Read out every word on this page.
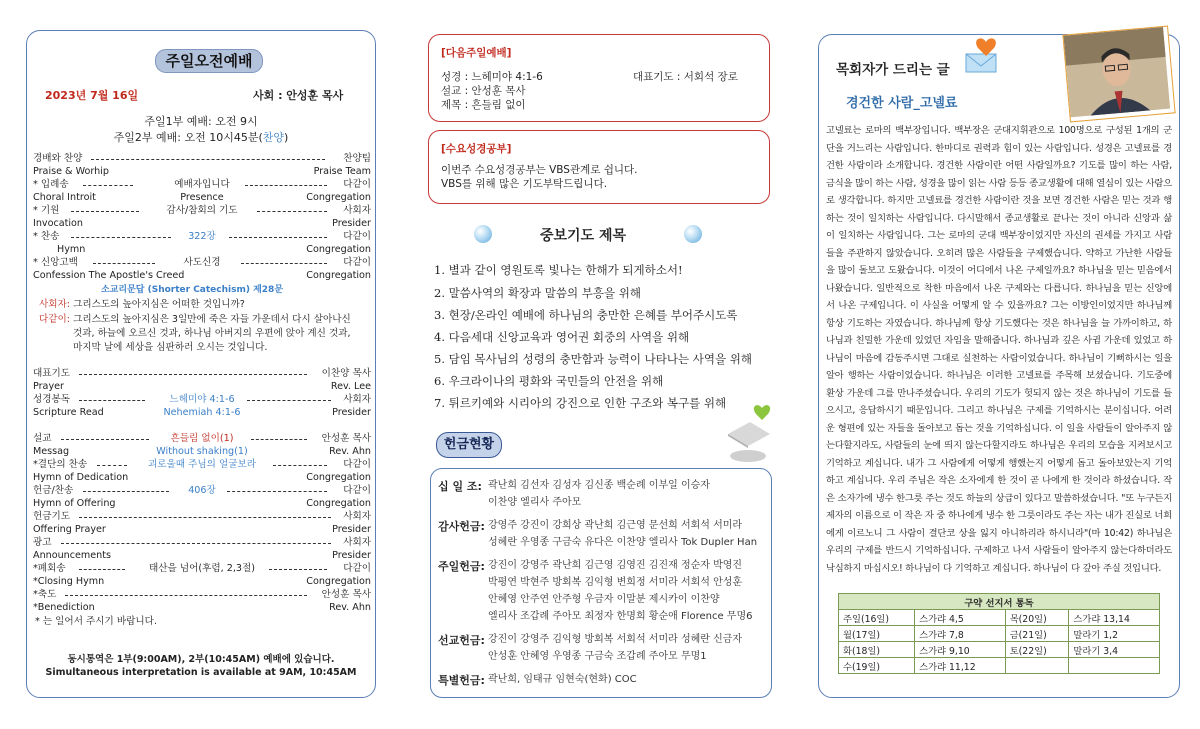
주일오전예배
2023년 7월 16일	사회 : 안성훈 목사
주일1부 예배: 오전 9시
주일2부 예배: 오전 10시45분(찬양)
경배와 찬양	찬양팀
Praise & Worhip	Praise Team
* 입례송	예배자입니다	다같이
Choral Introit	Presence	Congregation
* 기원	감사/참회의 기도	사회자
Invocation	Presider
* 찬송	322장	다같이
Hymn	Congregation
* 신앙고백	사도신경	다같이
Confession The Apostle's Creed	Congregation
소교리문답 (Shorter Catechism) 제28문
사회자: 그리스도의 높아지심은 어떠한 것입니까?
다같이: 그리스도의 높아지심은 3일만에 죽은 자들 가운데서 다시 살아나신
것과, 하늘에 오르신 것과, 하나님 아버지의 우편에 앉아 계신 것과,
마지막 날에 세상을 심판하러 오시는 것입니다.
대표기도	이찬양 목사
Prayer	Rev. Lee
성경봉독	느헤미야 4:1-6	사회자
Scripture Read	Nehemiah 4:1-6	Presider
설교	흔들림 없이(1)	안성훈 목사
Messag	Without shaking(1)	Rev. Ahn
*결단의 찬송	괴로울때 주님의 얼굴보라	다같이
Hymn of Dedication	Congregation
헌금/찬송	406장	다같이
Hymn of Offering	Congregation
헌금기도	사회자
Offering Prayer	Presider
광고	사회자
Announcements	Presider
*폐회송	태산을 넘어(후렴, 2,3절)	다같이
*Closing Hymn	Congregation
*축도	안성훈 목사
*Benediction	Rev. Ahn
* 는 일어서 주시기 바랍니다.
동시통역은 1부(9:00AM), 2부(10:45AM) 예배에 있습니다.
Simultaneous interpretation is available at 9AM, 10:45AM
[다음주일예배]
성경 : 느헤미야 4:1-6	대표기도 : 서회석 장로
설교 : 안성훈 목사
제목 : 흔들림 없이
[수요성경공부]
이번주 수요성경공부는 VBS관계로 쉽니다.
VBS를 위해 많은 기도부탁드립니다.
중보기도 제목
1. 별과 같이 영원토록 빛나는 한해가 되게하소서!
2. 말씀사역의 확장과 말씀의 부흥을 위해
3. 현장/온라인 예배에 하나님의 충만한 은혜를 부어주시도록
4. 다음세대 신앙교육과 영어권 회중의 사역을 위해
5. 담임 목사님의 성령의 충만함과 능력이 나타나는 사역을 위해
6. 우크라이나의 평화와 국민들의 안전을 위해
7. 튀르키예와 시리아의 강진으로 인한 구조와 복구를 위해
헌금현황
십 일 조: 곽난희 김선자 김성자 김신종 백순례 이부일 이승자
이찬양 엘리사 주아모
감사헌금: 강영주 강진이 강희상 곽난희 김근영 문선희 서회석 서미라
성혜란 우영종 구금숙 유다은 이찬양 엘리사 Tok Dupler Han
주일헌금: 강진이 강영주 곽난희 김근영 김영진 김진재 정순자 박영진
박평연 박현주 방회복 김익형 변희정 서미라 서회석 안성훈
안혜영 안주연 안주형 우금자 이말분 제시카이 이찬양
엘리사 조갑례 주아모 최정자 한명희 황순애 Florence 무명6
선교헌금: 강진이 강영주 김익형 방회복 서회석 서미라 성혜란 신금자
안성훈 안혜영 우영종 구금숙 조갑례 주아모 무명1
특별헌금: 곽난희, 임태규 임현숙(현화) COC
목회자가 드리는 글
경건한 사람_고넬료
고넬료는 로마의 백부장입니다. 백부장은 군대지휘관으로 100명으로 구성된 1개의 군단을 거느리는 사람입니다. 한마디로 권력과 힘이 있는 사람입니다. 성경은 고넬료를 경건한 사람이라 소개합니다. 경건한 사람이란 어떤 사람일까요? 기도를 많이 하는 사람, 금식을 많이 하는 사람, 성경을 많이 읽는 사람 등등 종교생활에 대해 열심이 있는 사람으로 생각합니다. 하지만 고넬료를 경건한 사람이란 것을 보면 경건한 사람은 믿는 것과 행하는 것이 일치하는 사람입니다. 다시말해서 종교생활로 끝나는 것이 아니라 신앙과 삶이 일치하는 사람입니다. 그는 로마의 군대 백부장이었지만 자신의 권세를 가지고 사람들을 주관하지 않았습니다. 오히려 많은 사람들을 구제했습니다. 약하고 가난한 사람들을 많이 돌보고 도왔습니다. 이것이 어디에서 나온 구제일까요? 하나님을 믿는 믿음에서 나왔습니다. 일반적으로 착한 마음에서 나온 구제와는 다릅니다. 하나님을 믿는 신앙에서 나온 구제입니다. 이 사실을 어떻게 알 수 있을까요? 그는 이방인이었지만 하나님께 항상 기도하는 자였습니다. 하나님께 항상 기도했다는 것은 하나님을 늘 가까이하고, 하나님과 친밀한 가운데 있었던 자임을 말해줍니다. 하나님과 깊은 사귐 가운데 있었고 하나님이 마음에 감동주시면 그대로 실천하는 사람이었습니다. 하나님이 기뻐하시는 일을 알아 행하는 사람이었습니다. 하나님은 이러한 고넬료를 주목해 보셨습니다. 기도중에 환상 가운데 그를 만나주셨습니다. 우리의 기도가 헛되지 않는 것은 하나님이 기도를 들으시고, 응답하시기 때문입니다. 그리고 하나님은 구제를 기억하시는 분이십니다. 어려운 형편에 있는 자들을 돌아보고 돕는 것을 기억하십니다. 이 일을 사람들이 알아주지 않는다할지라도, 사람들의 눈에 띄지 않는다할지라도 하나님은 우리의 모습을 지켜보시고 기억하고 계십니다. 내가 그 사람에게 어떻게 행했는지 어떻게 돕고 돌아보았는지 기억하고 계십니다. 우리 주님은 작은 소자에게 한 것이 곧 나에게 한 것이라 하셨습니다. 작은 소자가에 냉수 한그릇 주는 것도 하늘의 상급이 있다고 말씀하셨습니다. "또 누구든지 제자의 이름으로 이 작은 자 중 하나에게 냉수 한 그릇이라도 주는 자는 내가 진실로 너희에게 이르노니 그 사람이 결단코 상을 잃지 아니하리라 하시니라"(마 10:42) 하나님은 우리의 구제를 반드시 기억하십니다. 구제하고 나서 사람들이 알아주지 않는다하더라도 낙심하지 마십시오! 하나님이 다 기억하고 계십니다. 하나님이 다 갚아 주실 것입니다.
구약 선지서 통독			
주일(16일)	스가랴 4,5	목(20일)	스가랴 13,14
월(17일)	스가랴 7,8	금(21일)	말라기 1,2
화(18일)	스가랴 9,10	토(22일)	말라기 3,4
수(19일)	스가랴 11,12		
